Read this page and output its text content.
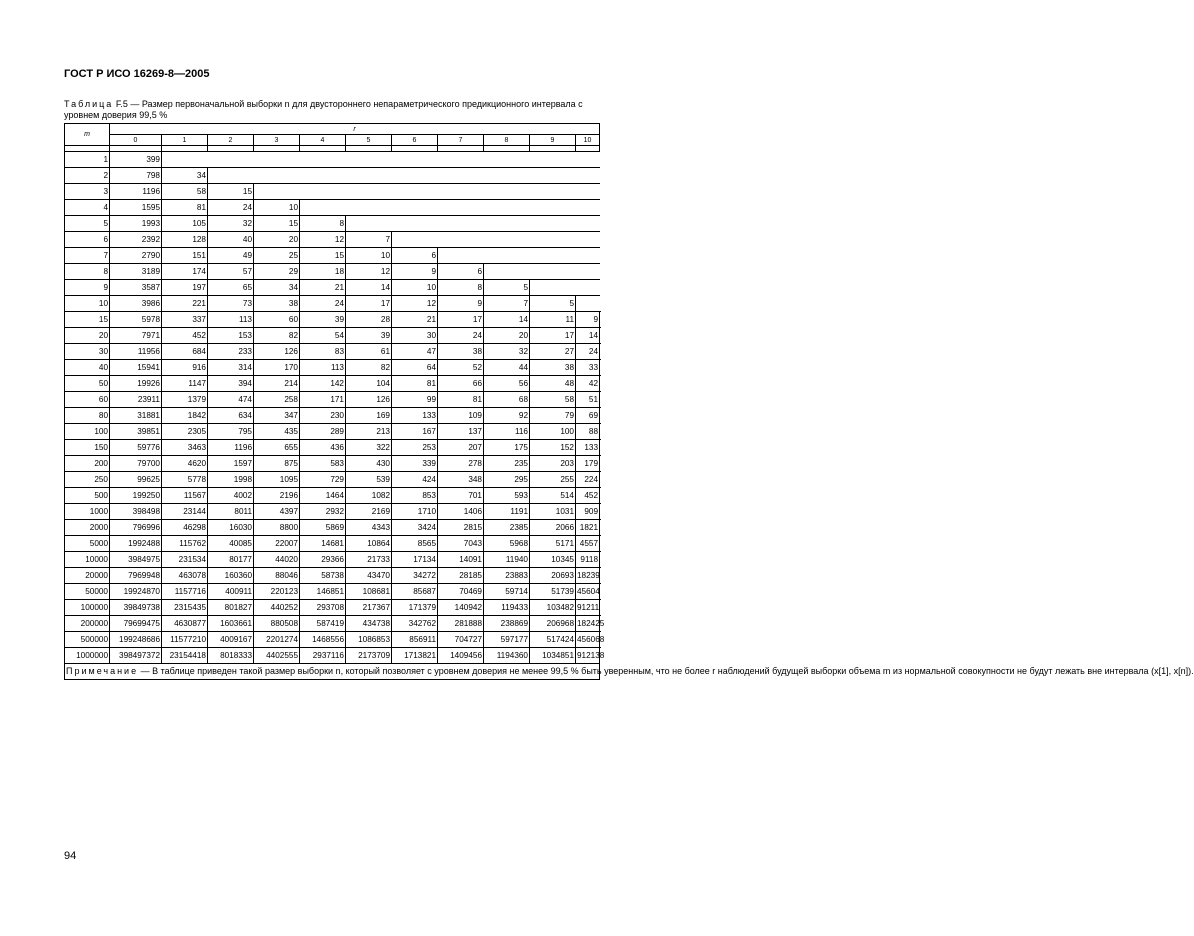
ГОСТ Р ИСО 16269-8—2005
Таблица F.5 — Размер первоначальной выборки n для двустороннего непараметрического предикционного интервала с уровнем доверия 99,5 %
m	r										
	0	1	2	3	4	5	6	7	8	9	10

1	399										
2	798	34									
3	1196	58	15								
4	1595	81	24	10							
5	1993	105	32	15	8						
6	2392	128	40	20	12	7					
7	2790	151	49	25	15	10	6				
8	3189	174	57	29	18	12	9	6			
9	3587	197	65	34	21	14	10	8	5		
10	3986	221	73	38	24	17	12	9	7	5	
15	5978	337	113	60	39	28	21	17	14	11	9
20	7971	452	153	82	54	39	30	24	20	17	14
30	11956	684	233	126	83	61	47	38	32	27	24
40	15941	916	314	170	113	82	64	52	44	38	33
50	19926	1147	394	214	142	104	81	66	56	48	42
60	23911	1379	474	258	171	126	99	81	68	58	51
80	31881	1842	634	347	230	169	133	109	92	79	69
100	39851	2305	795	435	289	213	167	137	116	100	88
150	59776	3463	1196	655	436	322	253	207	175	152	133
200	79700	4620	1597	875	583	430	339	278	235	203	179
250	99625	5778	1998	1095	729	539	424	348	295	255	224
500	199250	11567	4002	2196	1464	1082	853	701	593	514	452
1000	398498	23144	8011	4397	2932	2169	1710	1406	1191	1031	909
2000	796996	46298	16030	8800	5869	4343	3424	2815	2385	2066	1821
5000	1992488	115762	40085	22007	14681	10864	8565	7043	5968	5171	4557
10000	3984975	231534	80177	44020	29366	21733	17134	14091	11940	10345	9118
20000	7969948	463078	160360	88046	58738	43470	34272	28185	23883	20693	18239
50000	19924870	1157716	400911	220123	146851	108681	85687	70469	59714	51739	45604
100000	39849738	2315435	801827	440252	293708	217367	171379	140942	119433	103482	91211
200000	79699475	4630877	1603661	880508	587419	434738	342762	281888	238869	206968	182425
500000	199248686	11577210	4009167	2201274	1468556	1086853	856911	704727	597177	517424	456068
1000000	398497372	23154418	8018333	4402555	2937116	2173709	1713821	1409456	1194360	1034851	912138
Примечание — В таблице приведен такой размер выборки n, который позволяет с уровнем доверия не менее 99,5 % быть уверенным, что не более r наблюдений будущей выборки объема m из нормальной совокупности не будут лежать вне интервала (x[1], x[n]).											
94
